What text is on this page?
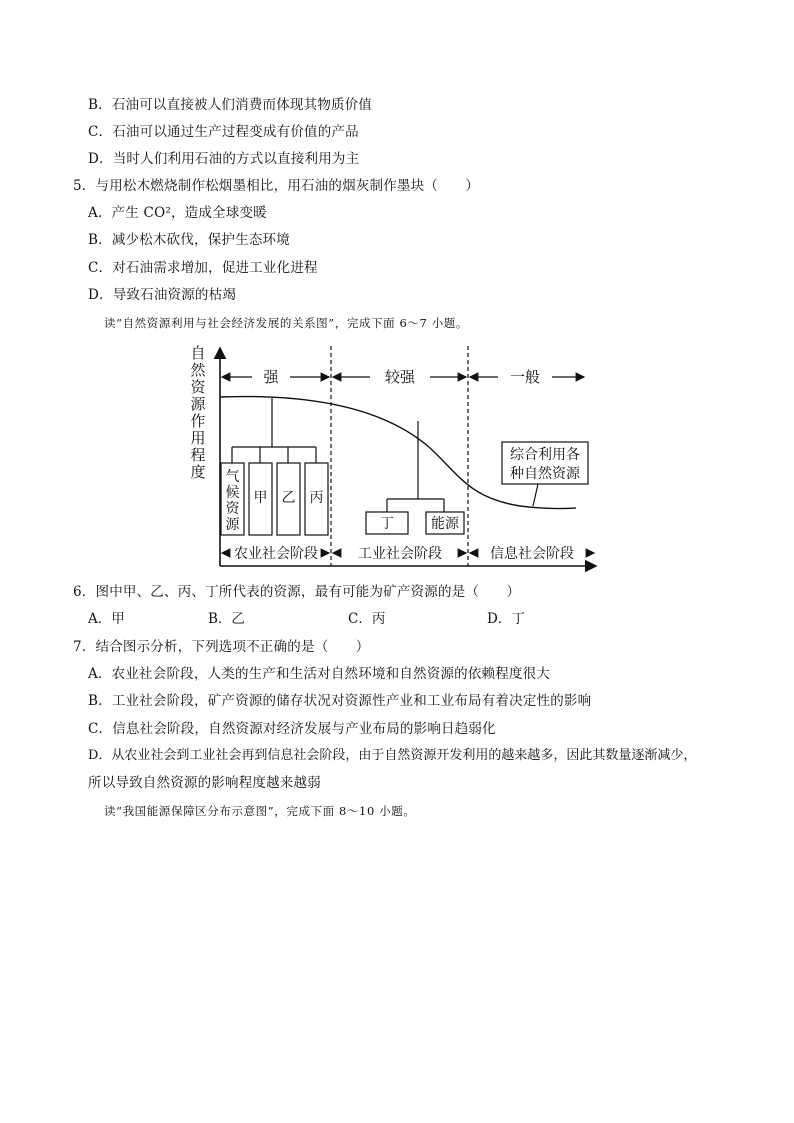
B．石油可以直接被人们消费而体现其物质价值
C．石油可以通过生产过程变成有价值的产品
D．当时人们利用石油的方式以直接利用为主
5．与用松木燃烧制作松烟墨相比，用石油的烟灰制作墨块（　　）
A．产生 CO²，造成全球变暖
B．减少松木砍伐，保护生态环境
C．对石油需求增加，促进工业化进程
D．导致石油资源的枯竭
读“自然资源利用与社会经济发展的关系图”，完成下面 6～7 小题。
自
然
资
源
作
用
程
度
强	较强	一般
气
候
资
源
甲 乙 丙
丁	能源
综合利用各
种自然资源
农业社会阶段	工业社会阶段	信息社会阶段
6．图中甲、乙、丙、丁所代表的资源，最有可能为矿产资源的是（　　）
A．甲	B．乙	C．丙	D．丁
7．结合图示分析，下列选项不正确的是（　　）
A．农业社会阶段，人类的生产和生活对自然环境和自然资源的依赖程度很大
B．工业社会阶段，矿产资源的储存状况对资源性产业和工业布局有着决定性的影响
C．信息社会阶段，自然资源对经济发展与产业布局的影响日趋弱化
D．从农业社会到工业社会再到信息社会阶段，由于自然资源开发利用的越来越多，因此其数量逐渐减少，
所以导致自然资源的影响程度越来越弱
读“我国能源保障区分布示意图”，完成下面 8～10 小题。
